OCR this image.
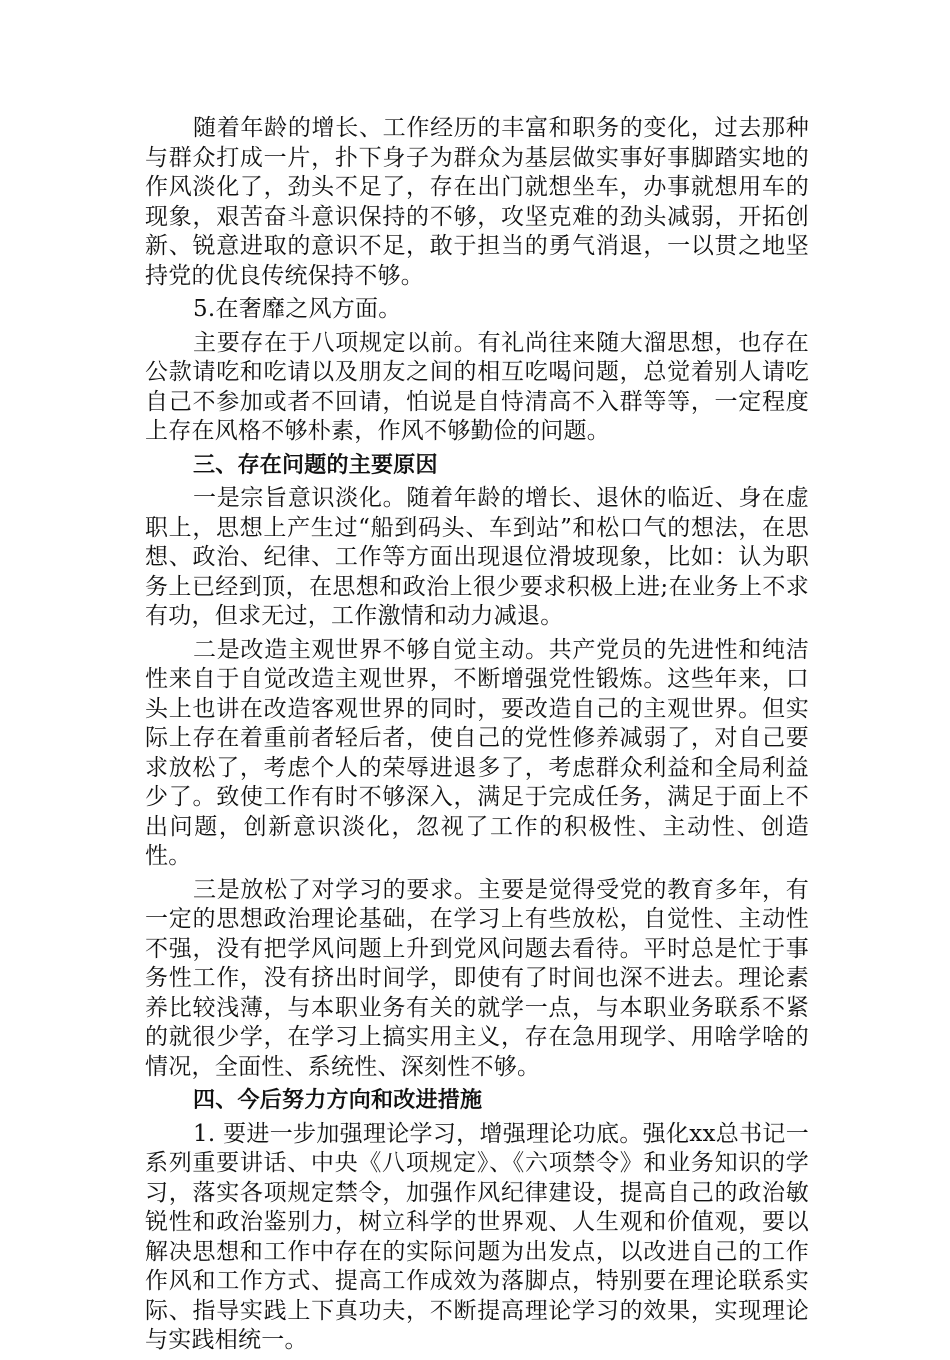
随着年龄的增长、工作经历的丰富和职务的变化，过去那种与群众打成一片，扑下身子为群众为基层做实事好事脚踏实地的作风淡化了，劲头不足了，存在出门就想坐车，办事就想用车的现象，艰苦奋斗意识保持的不够，攻坚克难的劲头减弱，开拓创新、锐意进取的意识不足，敢于担当的勇气消退，一以贯之地坚持党的优良传统保持不够。

5.在奢靡之风方面。

主要存在于八项规定以前。有礼尚往来随大溜思想，也存在公款请吃和吃请以及朋友之间的相互吃喝问题，总觉着别人请吃自己不参加或者不回请，怕说是自恃清高不入群等等，一定程度上存在风格不够朴素，作风不够勤俭的问题。

三、存在问题的主要原因

一是宗旨意识淡化。随着年龄的增长、退休的临近、身在虚职上，思想上产生过“船到码头、车到站”和松口气的想法，在思想、政治、纪律、工作等方面出现退位滑坡现象，比如：认为职务上已经到顶，在思想和政治上很少要求积极上进;在业务上不求有功，但求无过，工作激情和动力减退。

二是改造主观世界不够自觉主动。共产党员的先进性和纯洁性来自于自觉改造主观世界，不断增强党性锻炼。这些年来，口头上也讲在改造客观世界的同时，要改造自己的主观世界。但实际上存在着重前者轻后者，使自己的党性修养减弱了，对自己要求放松了，考虑个人的荣辱进退多了，考虑群众利益和全局利益少了。致使工作有时不够深入，满足于完成任务，满足于面上不出问题，创新意识淡化，忽视了工作的积极性、主动性、创造性。

三是放松了对学习的要求。主要是觉得受党的教育多年，有一定的思想政治理论基础，在学习上有些放松，自觉性、主动性不强，没有把学风问题上升到党风问题去看待。平时总是忙于事务性工作，没有挤出时间学，即使有了时间也深不进去。理论素养比较浅薄，与本职业务有关的就学一点，与本职业务联系不紧的就很少学，在学习上搞实用主义，存在急用现学、用啥学啥的情况，全面性、系统性、深刻性不够。

四、今后努力方向和改进措施

1. 要进一步加强理论学习，增强理论功底。强化xx总书记一系列重要讲话、中央《八项规定》、《六项禁令》和业务知识的学习，落实各项规定禁令，加强作风纪律建设，提高自己的政治敏锐性和政治鉴别力，树立科学的世界观、人生观和价值观，要以解决思想和工作中存在的实际问题为出发点，以改进自己的工作作风和工作方式、提高工作成效为落脚点，特别要在理论联系实际、指导实践上下真功夫，不断提高理论学习的效果，实现理论与实践相统一。
